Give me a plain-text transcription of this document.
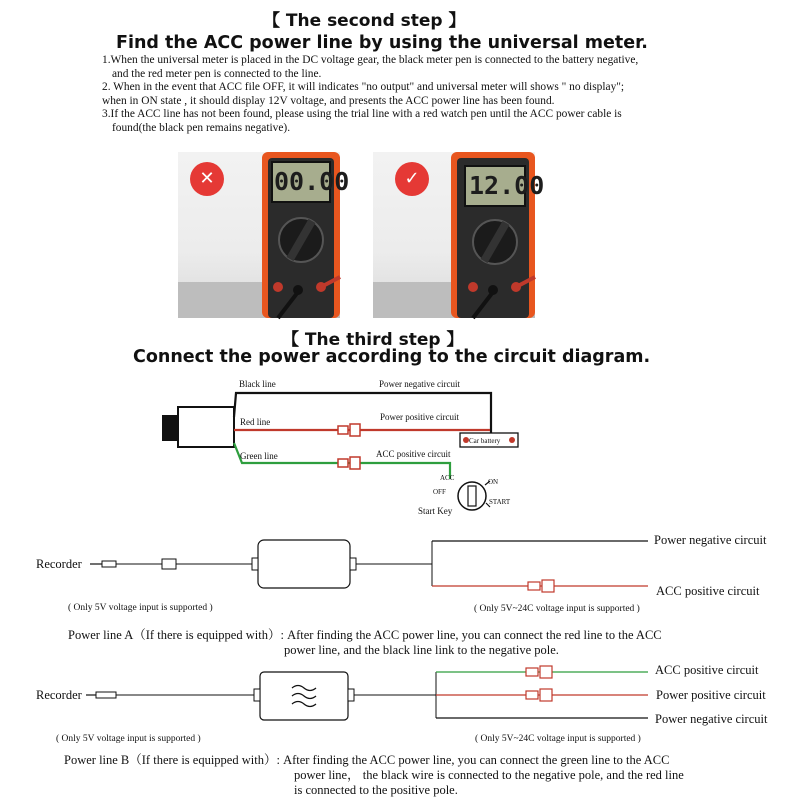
【 The second step 】
Find the ACC power line by using the universal meter.
1.When the universal meter is placed in the DC voltage gear, the black meter pen is connected to the battery negative,
and the red meter pen is connected to the line.
2. When in the event that ACC file OFF, it will indicates "no output" and universal meter will shows " no display";
when in ON state , it should display 12V voltage, and presents the ACC power line has been found.
3.If the ACC line has not been found, please using the trial line with a red watch pen until the ACC power cable is
found(the black pen remains negative).
00.00
✕	12.00
✓
【 The third step 】
Connect the power according to the circuit diagram.
Black line	Power negative circuit
Red line	Power positive circuit
Green line	ACC positive circuit
Car battery
ACC	ON
OFF
START
Start Key
Recorder
Power negative circuit
ACC positive circuit
( Only 5V voltage input is supported )	( Only 5V~24C voltage input is supported )
Power line A（If there is equipped with）: After finding the ACC power line, you can connect the red line to the ACC
power line, and the black line link to the negative pole.
Recorder
ACC positive circuit
Power positive circuit
Power negative circuit
( Only 5V voltage input is supported )	( Only 5V~24C voltage input is supported )
Power line B（If there is equipped with）: After finding the ACC power line, you can connect the green line to the ACC
power line， the black wire is connected to the negative pole, and the red line
is connected to the positive pole.
